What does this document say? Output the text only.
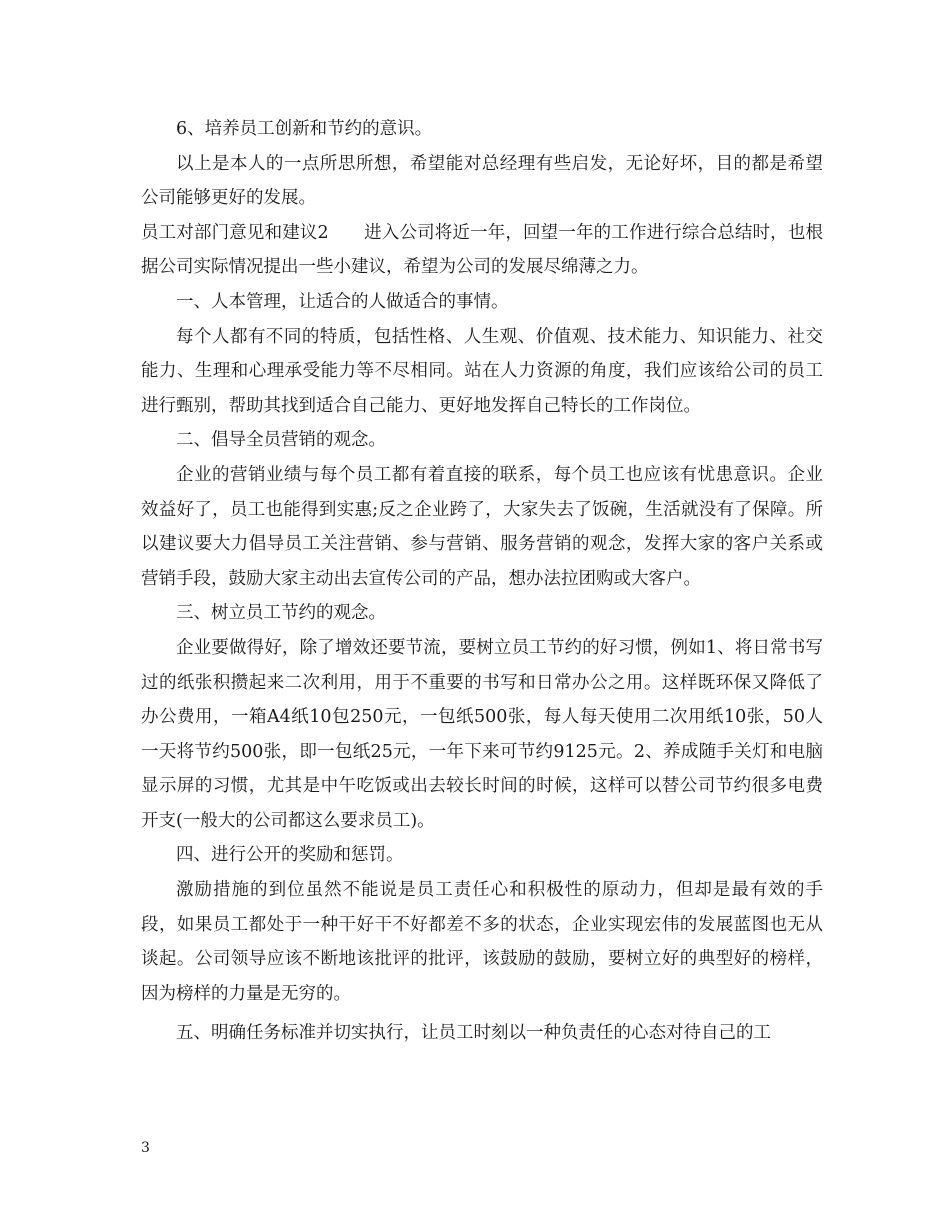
6、培养员工创新和节约的意识。

以上是本人的一点所思所想，希望能对总经理有些启发，无论好坏，目的都是希望公司能够更好的发展。

员工对部门意见和建议2　　进入公司将近一年，回望一年的工作进行综合总结时，也根据公司实际情况提出一些小建议，希望为公司的发展尽绵薄之力。

一、人本管理，让适合的人做适合的事情。

每个人都有不同的特质，包括性格、人生观、价值观、技术能力、知识能力、社交能力、生理和心理承受能力等不尽相同。站在人力资源的角度，我们应该给公司的员工进行甄别，帮助其找到适合自己能力、更好地发挥自己特长的工作岗位。

二、倡导全员营销的观念。

企业的营销业绩与每个员工都有着直接的联系，每个员工也应该有忧患意识。企业效益好了，员工也能得到实惠;反之企业跨了，大家失去了饭碗，生活就没有了保障。所以建议要大力倡导员工关注营销、参与营销、服务营销的观念，发挥大家的客户关系或营销手段，鼓励大家主动出去宣传公司的产品，想办法拉团购或大客户。

三、树立员工节约的观念。

企业要做得好，除了增效还要节流，要树立员工节约的好习惯，例如1、将日常书写过的纸张积攒起来二次利用，用于不重要的书写和日常办公之用。这样既环保又降低了办公费用，一箱A4纸10包250元，一包纸500张，每人每天使用二次用纸10张，50人一天将节约500张，即一包纸25元，一年下来可节约9125元。2、养成随手关灯和电脑显示屏的习惯，尤其是中午吃饭或出去较长时间的时候，这样可以替公司节约很多电费开支(一般大的公司都这么要求员工)。

四、进行公开的奖励和惩罚。

激励措施的到位虽然不能说是员工责任心和积极性的原动力，但却是最有效的手段，如果员工都处于一种干好干不好都差不多的状态，企业实现宏伟的发展蓝图也无从谈起。公司领导应该不断地该批评的批评，该鼓励的鼓励，要树立好的典型好的榜样，因为榜样的力量是无穷的。

五、明确任务标准并切实执行，让员工时刻以一种负责任的心态对待自己的工

3
